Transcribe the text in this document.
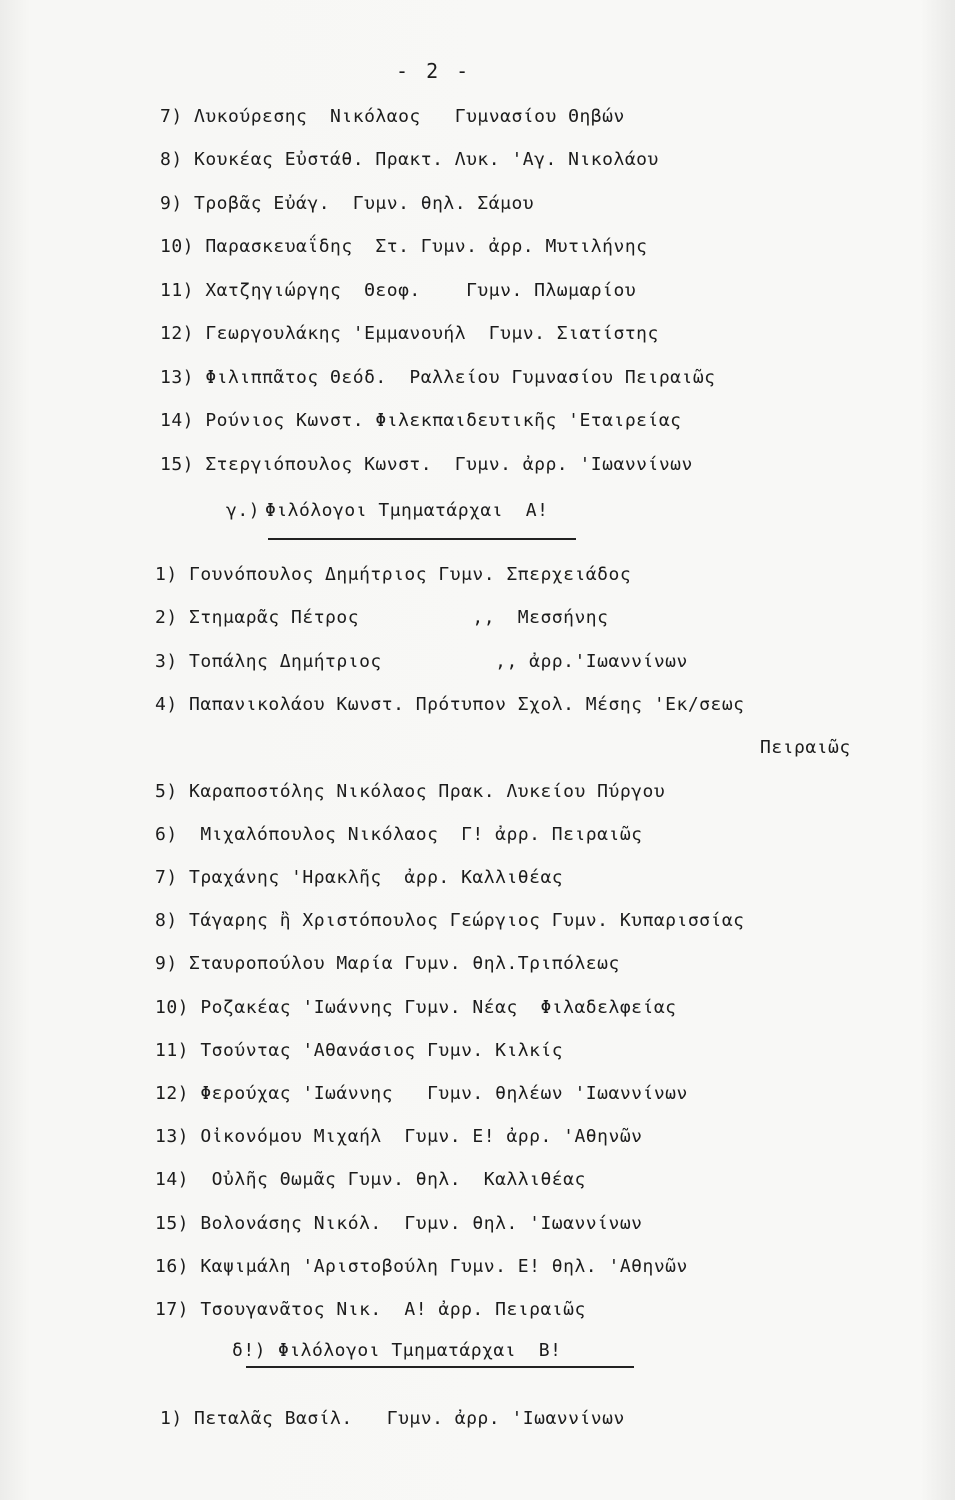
- 2 -
7) Λυκούρεσης  Νικόλαος   Γυμνασίου Θηβών
8) Κουκέας Εὐστάθ. Πρακτ. Λυκ. 'Αγ. Νικολάου
9) Τροβᾶς Εὐάγ.  Γυμν. θηλ. Σάμου
10) Παρασκευαΐδης  Στ. Γυμν. ἀρρ. Μυτιλήνης
11) Χατζηγιώργης  Θεοφ.    Γυμν. Πλωμαρίου
12) Γεωργουλάκης 'Εμμανουήλ  Γυμν. Σιατίστης
13) Φιλιππᾶτος Θεόδ.  Ραλλείου Γυμνασίου Πειραιῶς
14) Ρούνιος Κωνστ. Φιλεκπαιδευτικῆς 'Εταιρείας
15) Στεργιόπουλος Κωνστ.  Γυμν. ἀρρ. 'Ιωαννίνων
γ.) Φιλόλογοι Τμηματάρχαι  Α!
1) Γουνόπουλος Δημήτριος Γυμν. Σπερχειάδος
2) Στημαρᾶς Πέτρος          ,,  Μεσσήνης
3) Τοπάλης Δημήτριος          ,, ἀρρ.'Ιωαννίνων
4) Παπανικολάου Κωνστ. Πρότυπον Σχολ. Μέσης 'Εκ/σεως
Πειραιῶς
5) Καραποστόλης Νικόλαος Πρακ. Λυκείου Πύργου
6)  Μιχαλόπουλος Νικόλαος  Γ! ἀρρ. Πειραιῶς
7) Τραχάνης 'Ηρακλῆς  ἀρρ. Καλλιθέας
8) Τάγαρης ἢ Χριστόπουλος Γεώργιος Γυμν. Κυπαρισσίας
9) Σταυροπούλου Μαρία Γυμν. θηλ.Τριπόλεως
10) Ροζακέας 'Ιωάννης Γυμν. Νέας  Φιλαδελφείας
11) Τσούντας 'Αθανάσιος Γυμν. Κιλκίς
12) Φερούχας 'Ιωάννης   Γυμν. θηλέων 'Ιωαννίνων
13) Οἰκονόμου Μιχαήλ  Γυμν. Ε! ἀρρ. 'Αθηνῶν
14)  Οὐλῆς Θωμᾶς Γυμν. θηλ.  Καλλιθέας
15) Βολονάσης Νικόλ.  Γυμν. θηλ. 'Ιωαννίνων
16) Καψιμάλη 'Αριστοβούλη Γυμν. Ε! θηλ. 'Αθηνῶν
17) Τσουγανᾶτος Νικ.  Α! ἀρρ. Πειραιῶς
δ!) Φιλόλογοι Τμηματάρχαι  Β!
1) Πεταλᾶς Βασίλ.   Γυμν. ἀρρ. 'Ιωαννίνων
